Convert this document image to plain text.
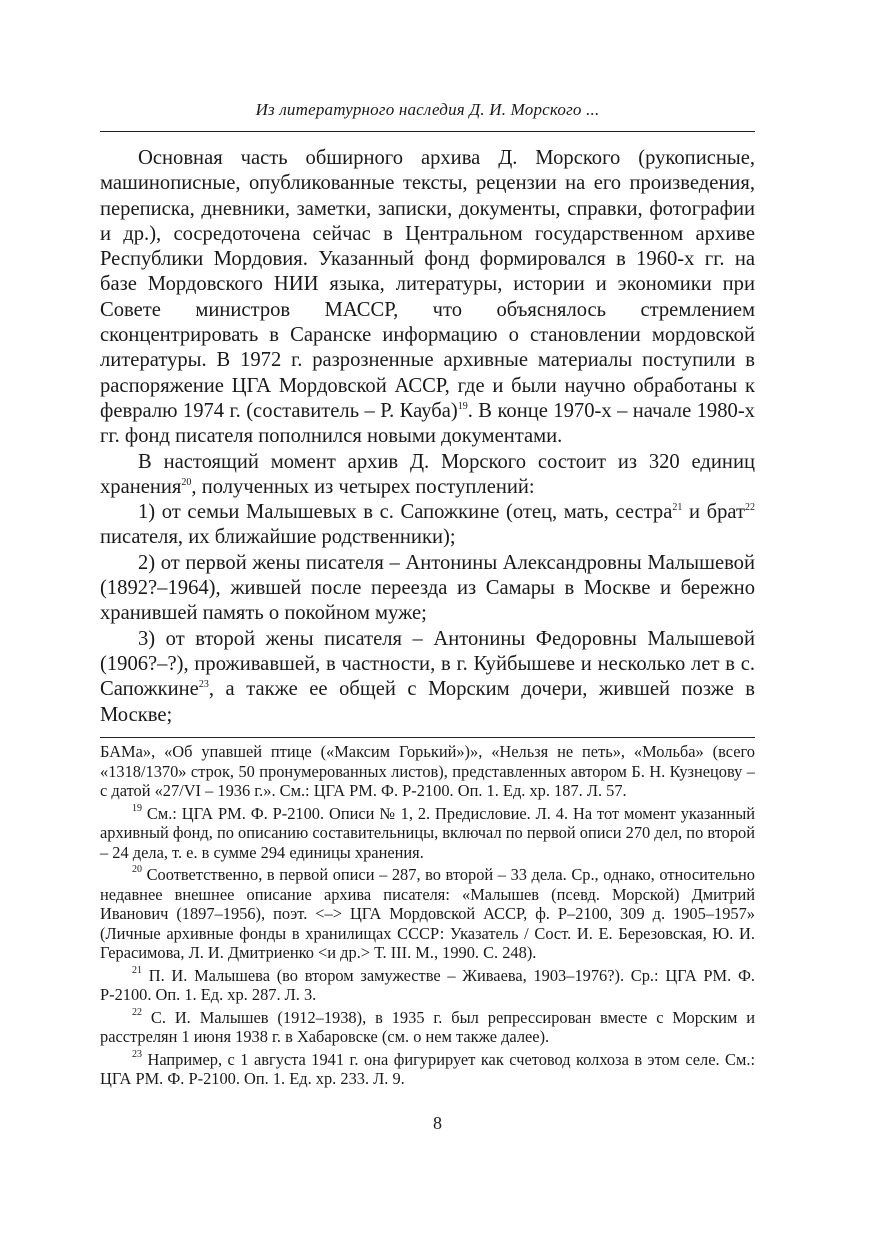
Из литературного наследия Д. И. Морского ...

Основная часть обширного архива Д. Морского (рукописные, машинописные, опубликованные тексты, рецензии на его произведения, переписка, дневники, заметки, записки, документы, справки, фотографии и др.), сосредоточена сейчас в Центральном государственном архиве Республики Мордовия. Указанный фонд формировался в 1960-х гг. на базе Мордовского НИИ языка, литературы, истории и экономики при Совете министров МАССР, что объяснялось стремлением сконцентрировать в Саранске информацию о становлении мордовской литературы. В 1972 г. разрозненные архивные материалы поступили в распоряжение ЦГА Мордовской АССР, где и были научно обработаны к февралю 1974 г. (составитель – Р. Кауба)$^{19}$. В конце 1970-х – начале 1980-х гг. фонд писателя пополнился новыми документами.

В настоящий момент архив Д. Морского состоит из 320 единиц хранения$^{20}$, полученных из четырех поступлений:

1) от семьи Малышевых в с. Сапожкине (отец, мать, сестра$^{21}$ и брат$^{22}$ писателя, их ближайшие родственники);

2) от первой жены писателя – Антонины Александровны Малышевой (1892?–1964), жившей после переезда из Самары в Москве и бережно хранившей память о покойном муже;

3) от второй жены писателя – Антонины Федоровны Малышевой (1906?–?), проживавшей, в частности, в г. Куйбышеве и несколько лет в с. Сапожкине$^{23}$, а также ее общей с Морским дочери, жившей позже в Москве;

БАМа», «Об упавшей птице («Максим Горький»)», «Нельзя не петь», «Мольба» (всего «1318/1370» строк, 50 пронумерованных листов), представленных автором Б. Н. Кузнецову – с датой «27/VI – 1936 г.». См.: ЦГА РМ. Ф. Р-2100. Оп. 1. Ед. хр. 187. Л. 57.

$^{19}$ См.: ЦГА РМ. Ф. Р-2100. Описи № 1, 2. Предисловие. Л. 4. На тот момент указанный архивный фонд, по описанию составительницы, включал по первой описи 270 дел, по второй – 24 дела, т. е. в сумме 294 единицы хранения.

$^{20}$ Соответственно, в первой описи – 287, во второй – 33 дела. Ср., однако, относительно недавнее внешнее описание архива писателя: «Малышев (псевд. Морской) Дмитрий Иванович (1897–1956), поэт. <–> ЦГА Мордовской АССР, ф. Р–2100, 309 д. 1905–1957» (Личные архивные фонды в хранилищах СССР: Указатель / Сост. И. Е. Березовская, Ю. И. Герасимова, Л. И. Дмитриенко <и др.> Т. III. М., 1990. С. 248).

$^{21}$ П. И. Малышева (во втором замужестве – Живаева, 1903–1976?). Ср.: ЦГА РМ. Ф. Р-2100. Оп. 1. Ед. хр. 287. Л. 3.

$^{22}$ С. И. Малышев (1912–1938), в 1935 г. был репрессирован вместе с Морским и расстрелян 1 июня 1938 г. в Хабаровске (см. о нем также далее).

$^{23}$ Например, с 1 августа 1941 г. она фигурирует как счетовод колхоза в этом селе. См.: ЦГА РМ. Ф. Р-2100. Оп. 1. Ед. хр. 233. Л. 9.

8
